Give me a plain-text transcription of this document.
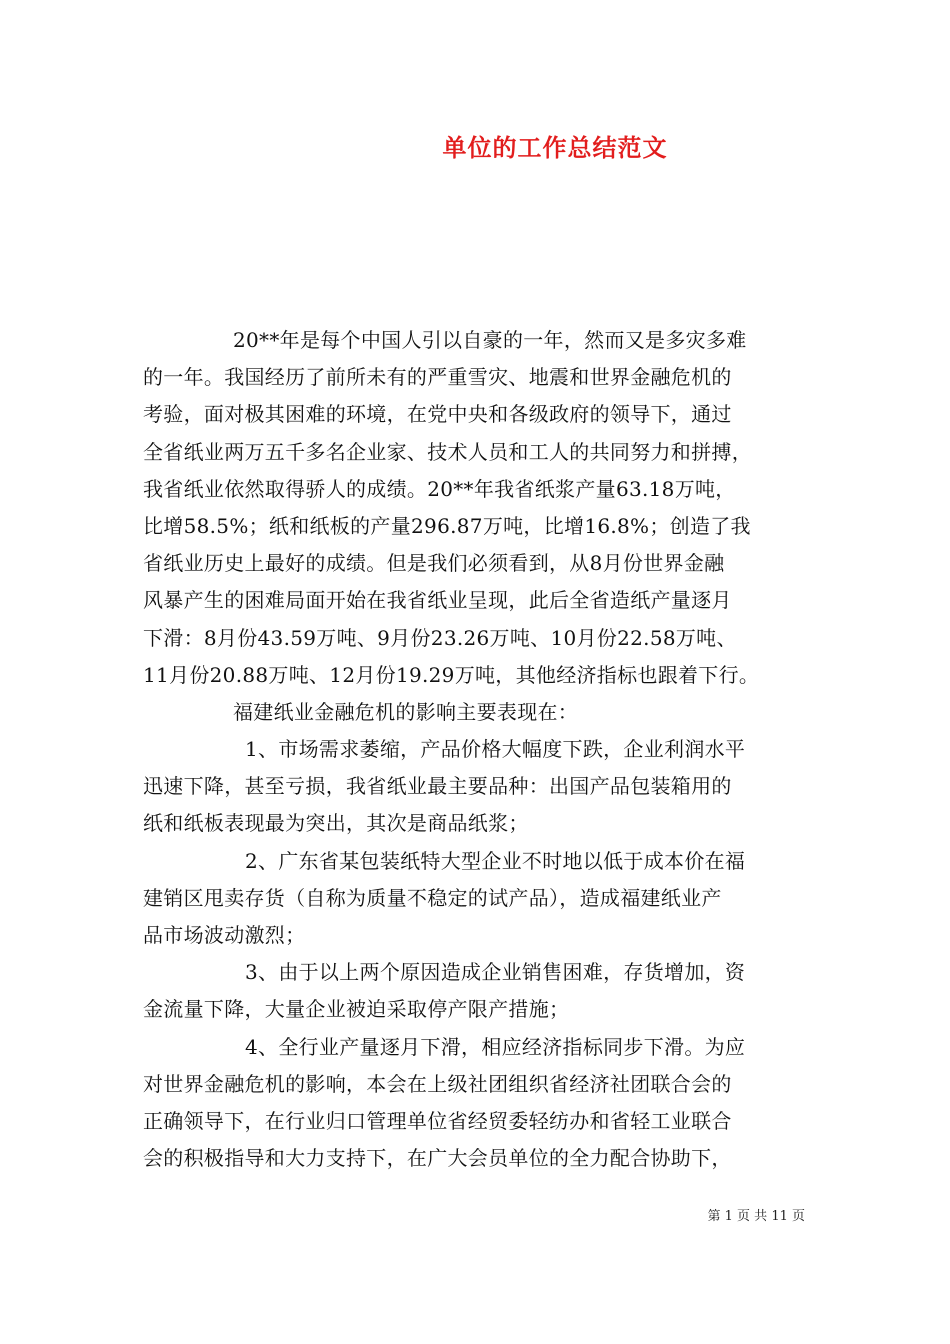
单位的工作总结范文
20**年是每个中国人引以自豪的一年，然而又是多灾多难
的一年。我国经历了前所未有的严重雪灾、地震和世界金融危机的
考验，面对极其困难的环境，在党中央和各级政府的领导下，通过
全省纸业两万五千多名企业家、技术人员和工人的共同努力和拼搏，
我省纸业依然取得骄人的成绩。20**年我省纸浆产量63.18万吨，
比增58.5%；纸和纸板的产量296.87万吨，比增16.8%；创造了我
省纸业历史上最好的成绩。但是我们必须看到，从8月份世界金融
风暴产生的困难局面开始在我省纸业呈现，此后全省造纸产量逐月
下滑：8月份43.59万吨、9月份23.26万吨、10月份22.58万吨、
11月份20.88万吨、12月份19.29万吨，其他经济指标也跟着下行。
福建纸业金融危机的影响主要表现在：
1、市场需求萎缩，产品价格大幅度下跌，企业利润水平
迅速下降，甚至亏损，我省纸业最主要品种：出国产品包装箱用的
纸和纸板表现最为突出，其次是商品纸浆；
2、广东省某包装纸特大型企业不时地以低于成本价在福
建销区甩卖存货（自称为质量不稳定的试产品），造成福建纸业产
品市场波动激烈；
3、由于以上两个原因造成企业销售困难，存货增加，资
金流量下降，大量企业被迫采取停产限产措施；
4、全行业产量逐月下滑，相应经济指标同步下滑。为应
对世界金融危机的影响，本会在上级社团组织省经济社团联合会的
正确领导下，在行业归口管理单位省经贸委轻纺办和省轻工业联合
会的积极指导和大力支持下，在广大会员单位的全力配合协助下，
第 1 页 共 11 页
